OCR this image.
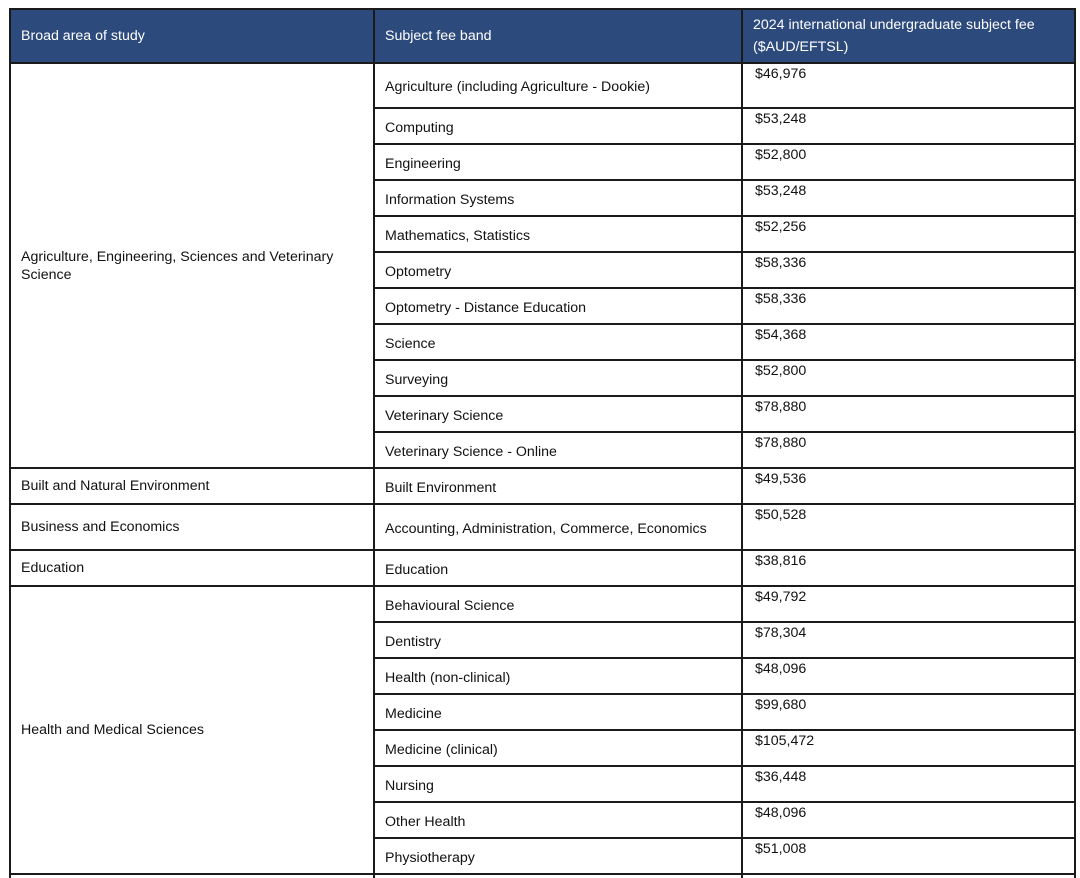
Broad area of study	Subject fee band	2024 international undergraduate subject fee
($AUD/EFTSL)
Agriculture, Engineering, Sciences and Veterinary Science	Agriculture (including Agriculture - Dookie)	$46,976
	Computing	$53,248
	Engineering	$52,800
	Information Systems	$53,248
	Mathematics, Statistics	$52,256
	Optometry	$58,336
	Optometry - Distance Education	$58,336
	Science	$54,368
	Surveying	$52,800
	Veterinary Science	$78,880
	Veterinary Science - Online	$78,880
Built and Natural Environment	Built Environment	$49,536
Business and Economics	Accounting, Administration, Commerce, Economics	$50,528
Education	Education	$38,816
Health and Medical Sciences	Behavioural Science	$49,792
	Dentistry	$78,304
	Health (non-clinical)	$48,096
	Medicine	$99,680
	Medicine (clinical)	$105,472
	Nursing	$36,448
	Other Health	$48,096
	Physiotherapy	$51,008
